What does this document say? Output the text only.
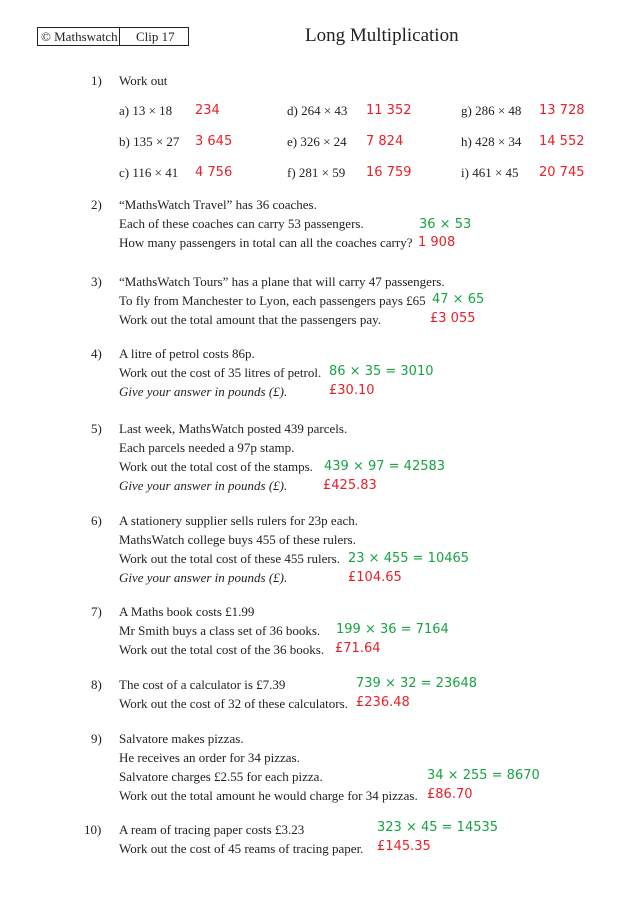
© Mathswatch Clip 17	Long Multiplication
1) Work out
a) 13 × 18 234
b) 135 × 27 3 645
c) 116 × 41 4 756
d) 264 × 43 11 352
e) 326 × 24 7 824
f) 281 × 59 16 759
g) 286 × 48 13 728
h) 428 × 34 14 552
i) 461 × 45 20 745
2) “MathsWatch Travel” has 36 coaches.
Each of these coaches can carry 53 passengers.
How many passengers in total can all the coaches carry?
36 × 53
1 908
3) “MathsWatch Tours” has a plane that will carry 47 passengers.
To fly from Manchester to Lyon, each passengers pays £65
Work out the total amount that the passengers pay.
47 × 65
£3 055
4) A litre of petrol costs 86p.
Work out the cost of 35 litres of petrol.
Give your answer in pounds (£).
86 × 35 = 3010
£30.10
5) Last week, MathsWatch posted 439 parcels.
Each parcels needed a 97p stamp.
Work out the total cost of the stamps.
Give your answer in pounds (£).
439 × 97 = 42583
£425.83
6) A stationery supplier sells rulers for 23p each.
MathsWatch college buys 455 of these rulers.
Work out the total cost of these 455 rulers.
Give your answer in pounds (£).
23 × 455 = 10465
£104.65
7) A Maths book costs £1.99
Mr Smith buys a class set of 36 books.
Work out the total cost of the 36 books.
199 × 36 = 7164
£71.64
8) The cost of a calculator is £7.39
Work out the cost of 32 of these calculators.
739 × 32 = 23648
£236.48
9) Salvatore makes pizzas.
He receives an order for 34 pizzas.
Salvatore charges £2.55 for each pizza.
Work out the total amount he would charge for 34 pizzas.
34 × 255 = 8670
£86.70
10) A ream of tracing paper costs £3.23
Work out the cost of 45 reams of tracing paper.
323 × 45 = 14535
£145.35
